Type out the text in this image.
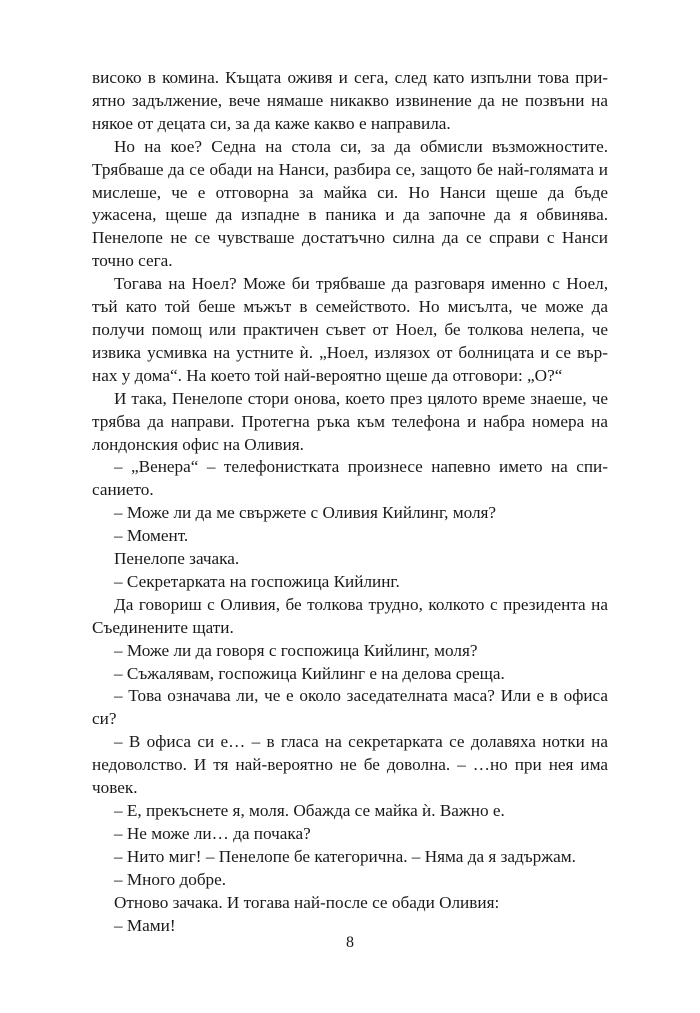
високо в комина. Къщата оживя и сега, след като изпълни това приятно задължение, вече нямаше никакво извинение да не позвъни на някое от децата си, за да каже какво е направила.

Но на кое? Седна на стола си, за да обмисли възможностите. Трябваше да се обади на Нанси, разбира се, защото бе най-голямата и мислеше, че е отговорна за майка си. Но Нанси щеше да бъде ужасена, щеше да изпадне в паника и да започне да я обвинява. Пенелопе не се чувстваше достатъчно силна да се справи с Нанси точно сега.

Тогава на Ноел? Може би трябваше да разговаря именно с Ноел, тъй като той беше мъжът в семейството. Но мисълта, че може да получи помощ или практичен съвет от Ноел, бе толкова нелепа, че извика усмивка на устните ѝ. „Ноел, излязох от болницата и се върнах у дома“. На което той най-вероятно щеше да отговори: „О?“

И така, Пенелопе стори онова, което през цялото време знаеше, че трябва да направи. Протегна ръка към телефона и набра номера на лондонския офис на Оливия.

– „Венера“ – телефонистката произнесе напевно името на списанието.

– Може ли да ме свържете с Оливия Кийлинг, моля?

– Момент.

Пенелопе зачака.

– Секретарката на госпожица Кийлинг.

Да говориш с Оливия, бе толкова трудно, колкото с президента на Съединените щати.

– Може ли да говоря с госпожица Кийлинг, моля?

– Съжалявам, госпожица Кийлинг е на делова среща.

– Това означава ли, че е около заседателната маса? Или е в офиса си?

– В офиса си е… – в гласа на секретарката се долавяха нотки на недоволство. И тя най-вероятно не бе доволна. – …но при нея има човек.

– Е, прекъснете я, моля. Обажда се майка ѝ. Важно е.

– Не може ли… да почака?

– Нито миг! – Пенелопе бе категорична. – Няма да я задържам.

– Много добре.

Отново зачака. И тогава най-после се обади Оливия:

– Мами!

8
